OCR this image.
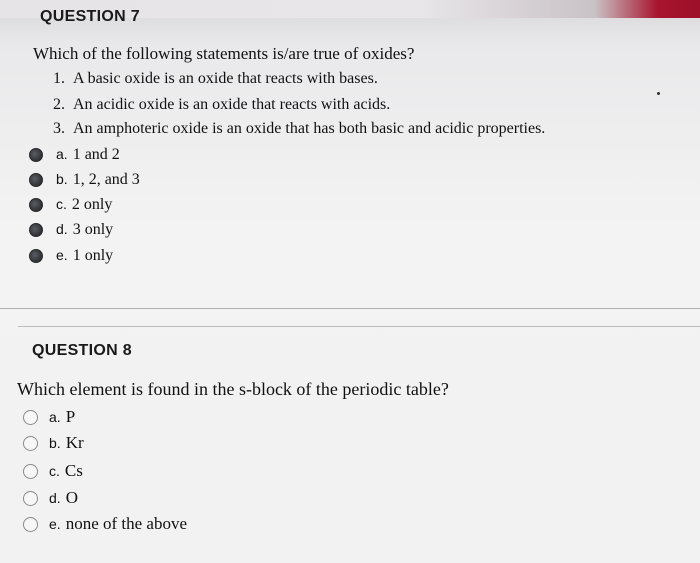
QUESTION 7
Which of the following statements is/are true of oxides?
1. A basic oxide is an oxide that reacts with bases.
2. An acidic oxide is an oxide that reacts with acids.
3. An amphoteric oxide is an oxide that has both basic and acidic properties.
a. 1 and 2
b. 1, 2, and 3
c. 2 only
d. 3 only
e. 1 only
QUESTION 8
Which element is found in the s-block of the periodic table?
a. P
b. Kr
c. Cs
d. O
e. none of the above
